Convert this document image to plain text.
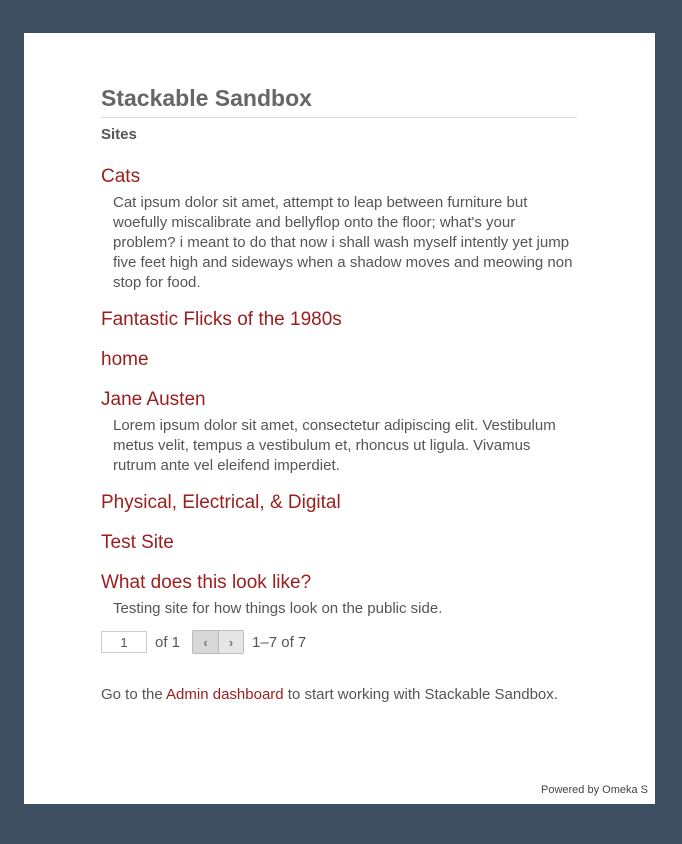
Stackable Sandbox
Sites
Cats
Cat ipsum dolor sit amet, attempt to leap between furniture but woefully miscalibrate and bellyflop onto the floor; what's your problem? i meant to do that now i shall wash myself intently yet jump five feet high and sideways when a shadow moves and meowing non stop for food.
Fantastic Flicks of the 1980s
home
Jane Austen
Lorem ipsum dolor sit amet, consectetur adipiscing elit. Vestibulum metus velit, tempus a vestibulum et, rhoncus ut ligula. Vivamus rutrum ante vel eleifend imperdiet.
Physical, Electrical, & Digital
Test Site
What does this look like?
Testing site for how things look on the public side.
1
of 1	‹	›	1–7 of 7

Go to the Admin dashboard to start working with Stackable Sandbox.

Powered by Omeka S
